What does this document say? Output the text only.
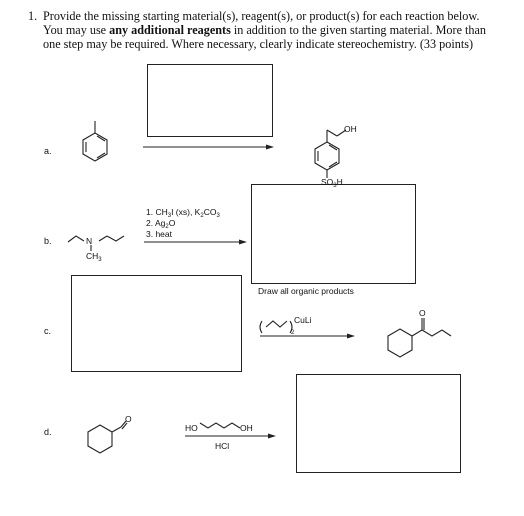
1. Provide the missing starting material(s), reagent(s), or product(s) for each reaction below.
You may use any additional reagents in addition to the given starting material. More than
one step may be required. Where necessary, clearly indicate stereochemistry. (33 points)
a.
b.
c.
d.
OH
$SO_3H$
N
$CH_3$
1. $CH_3I$ (xs), $K_2CO_3$
2. $Ag_2O$
3. heat
Draw all organic products
CuLi
2
O
O
HO	OH
HCl
